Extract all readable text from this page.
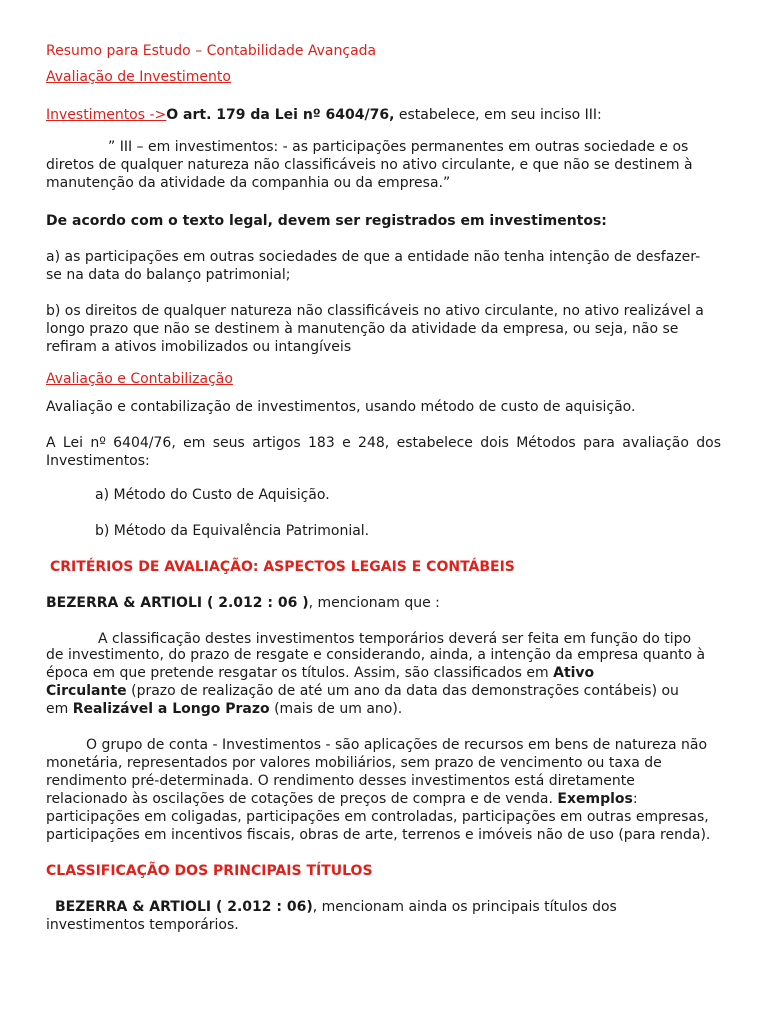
Resumo para Estudo – Contabilidade Avançada
Avaliação de Investimento
Investimentos ->O art. 179 da Lei nº 6404/76, estabelece, em seu inciso III:
” III – em investimentos: - as participações permanentes em outras sociedade e os
diretos de qualquer natureza não classificáveis no ativo circulante, e que não se destinem à
manutenção da atividade da companhia ou da empresa.”
De acordo com o texto legal, devem ser registrados em investimentos:
a) as participações em outras sociedades de que a entidade não tenha intenção de desfazer-
se na data do balanço patrimonial;
b) os direitos de qualquer natureza não classificáveis no ativo circulante, no ativo realizável a
longo prazo que não se destinem à manutenção da atividade da empresa, ou seja, não se
refiram a ativos imobilizados ou intangíveis
Avaliação e Contabilização
Avaliação e contabilização de investimentos, usando método de custo de aquisição.
A Lei nº 6404/76, em seus artigos 183 e 248, estabelece dois Métodos para avaliação dos
Investimentos:
a) Método do Custo de Aquisição.
b) Método da Equivalência Patrimonial.
CRITÉRIOS DE AVALIAÇÃO: ASPECTOS LEGAIS E CONTÁBEIS
BEZERRA & ARTIOLI ( 2.012 : 06 ), mencionam que :
A classificação destes investimentos temporários deverá ser feita em função do tipo
de investimento, do prazo de resgate e considerando, ainda, a intenção da empresa quanto à
época em que pretende resgatar os títulos. Assim, são classificados em Ativo
Circulante (prazo de realização de até um ano da data das demonstrações contábeis) ou
em Realizável a Longo Prazo (mais de um ano).
O grupo de conta - Investimentos - são aplicações de recursos em bens de natureza não
monetária, representados por valores mobiliários, sem prazo de vencimento ou taxa de
rendimento pré-determinada. O rendimento desses investimentos está diretamente
relacionado às oscilações de cotações de preços de compra e de venda. Exemplos:
participações em coligadas, participações em controladas, participações em outras empresas,
participações em incentivos fiscais, obras de arte, terrenos e imóveis não de uso (para renda).
CLASSIFICAÇÃO DOS PRINCIPAIS TÍTULOS
BEZERRA & ARTIOLI ( 2.012 : 06), mencionam ainda os principais títulos dos
investimentos temporários.
